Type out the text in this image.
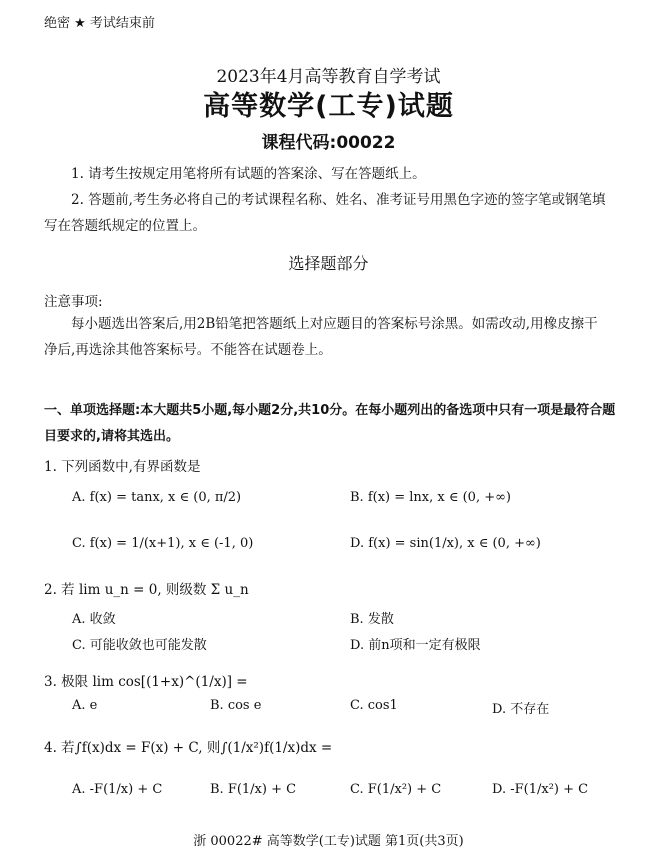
绝密 ★ 考试结束前
2023年4月高等教育自学考试
高等数学(工专)试题
课程代码:00022
1. 请考生按规定用笔将所有试题的答案涂、写在答题纸上。
2. 答题前,考生务必将自己的考试课程名称、姓名、准考证号用黑色字迹的签字笔或钢笔填写在答题纸规定的位置上。
选择题部分
注意事项:
每小题选出答案后,用2B铅笔把答题纸上对应题目的答案标号涂黑。如需改动,用橡皮擦干净后,再选涂其他答案标号。不能答在试题卷上。
一、单项选择题:本大题共5小题,每小题2分,共10分。在每小题列出的备选项中只有一项是最符合题目要求的,请将其选出。
1. 下列函数中,有界函数是
A. f(x) = tanx, x ∈ (0, π/2)	B. f(x) = lnx, x ∈ (0, +∞)
C. f(x) = 1/(x+1), x ∈ (-1, 0)	D. f(x) = sin(1/x), x ∈ (0, +∞)
2. 若 lim u_n = 0, 则级数 Σ u_n
A. 收敛	B. 发散
C. 可能收敛也可能发散	D. 前n项和一定有极限
3. 极限 lim cos[(1+x)^(1/x)] =
A. e	B. cos e	C. cos1	D. 不存在
4. 若∫f(x)dx = F(x) + C, 则∫(1/x²)f(1/x)dx =
A. -F(1/x) + C	B. F(1/x) + C	C. F(1/x²) + C	D. -F(1/x²) + C
浙 00022# 高等数学(工专)试题 第1页(共3页)
